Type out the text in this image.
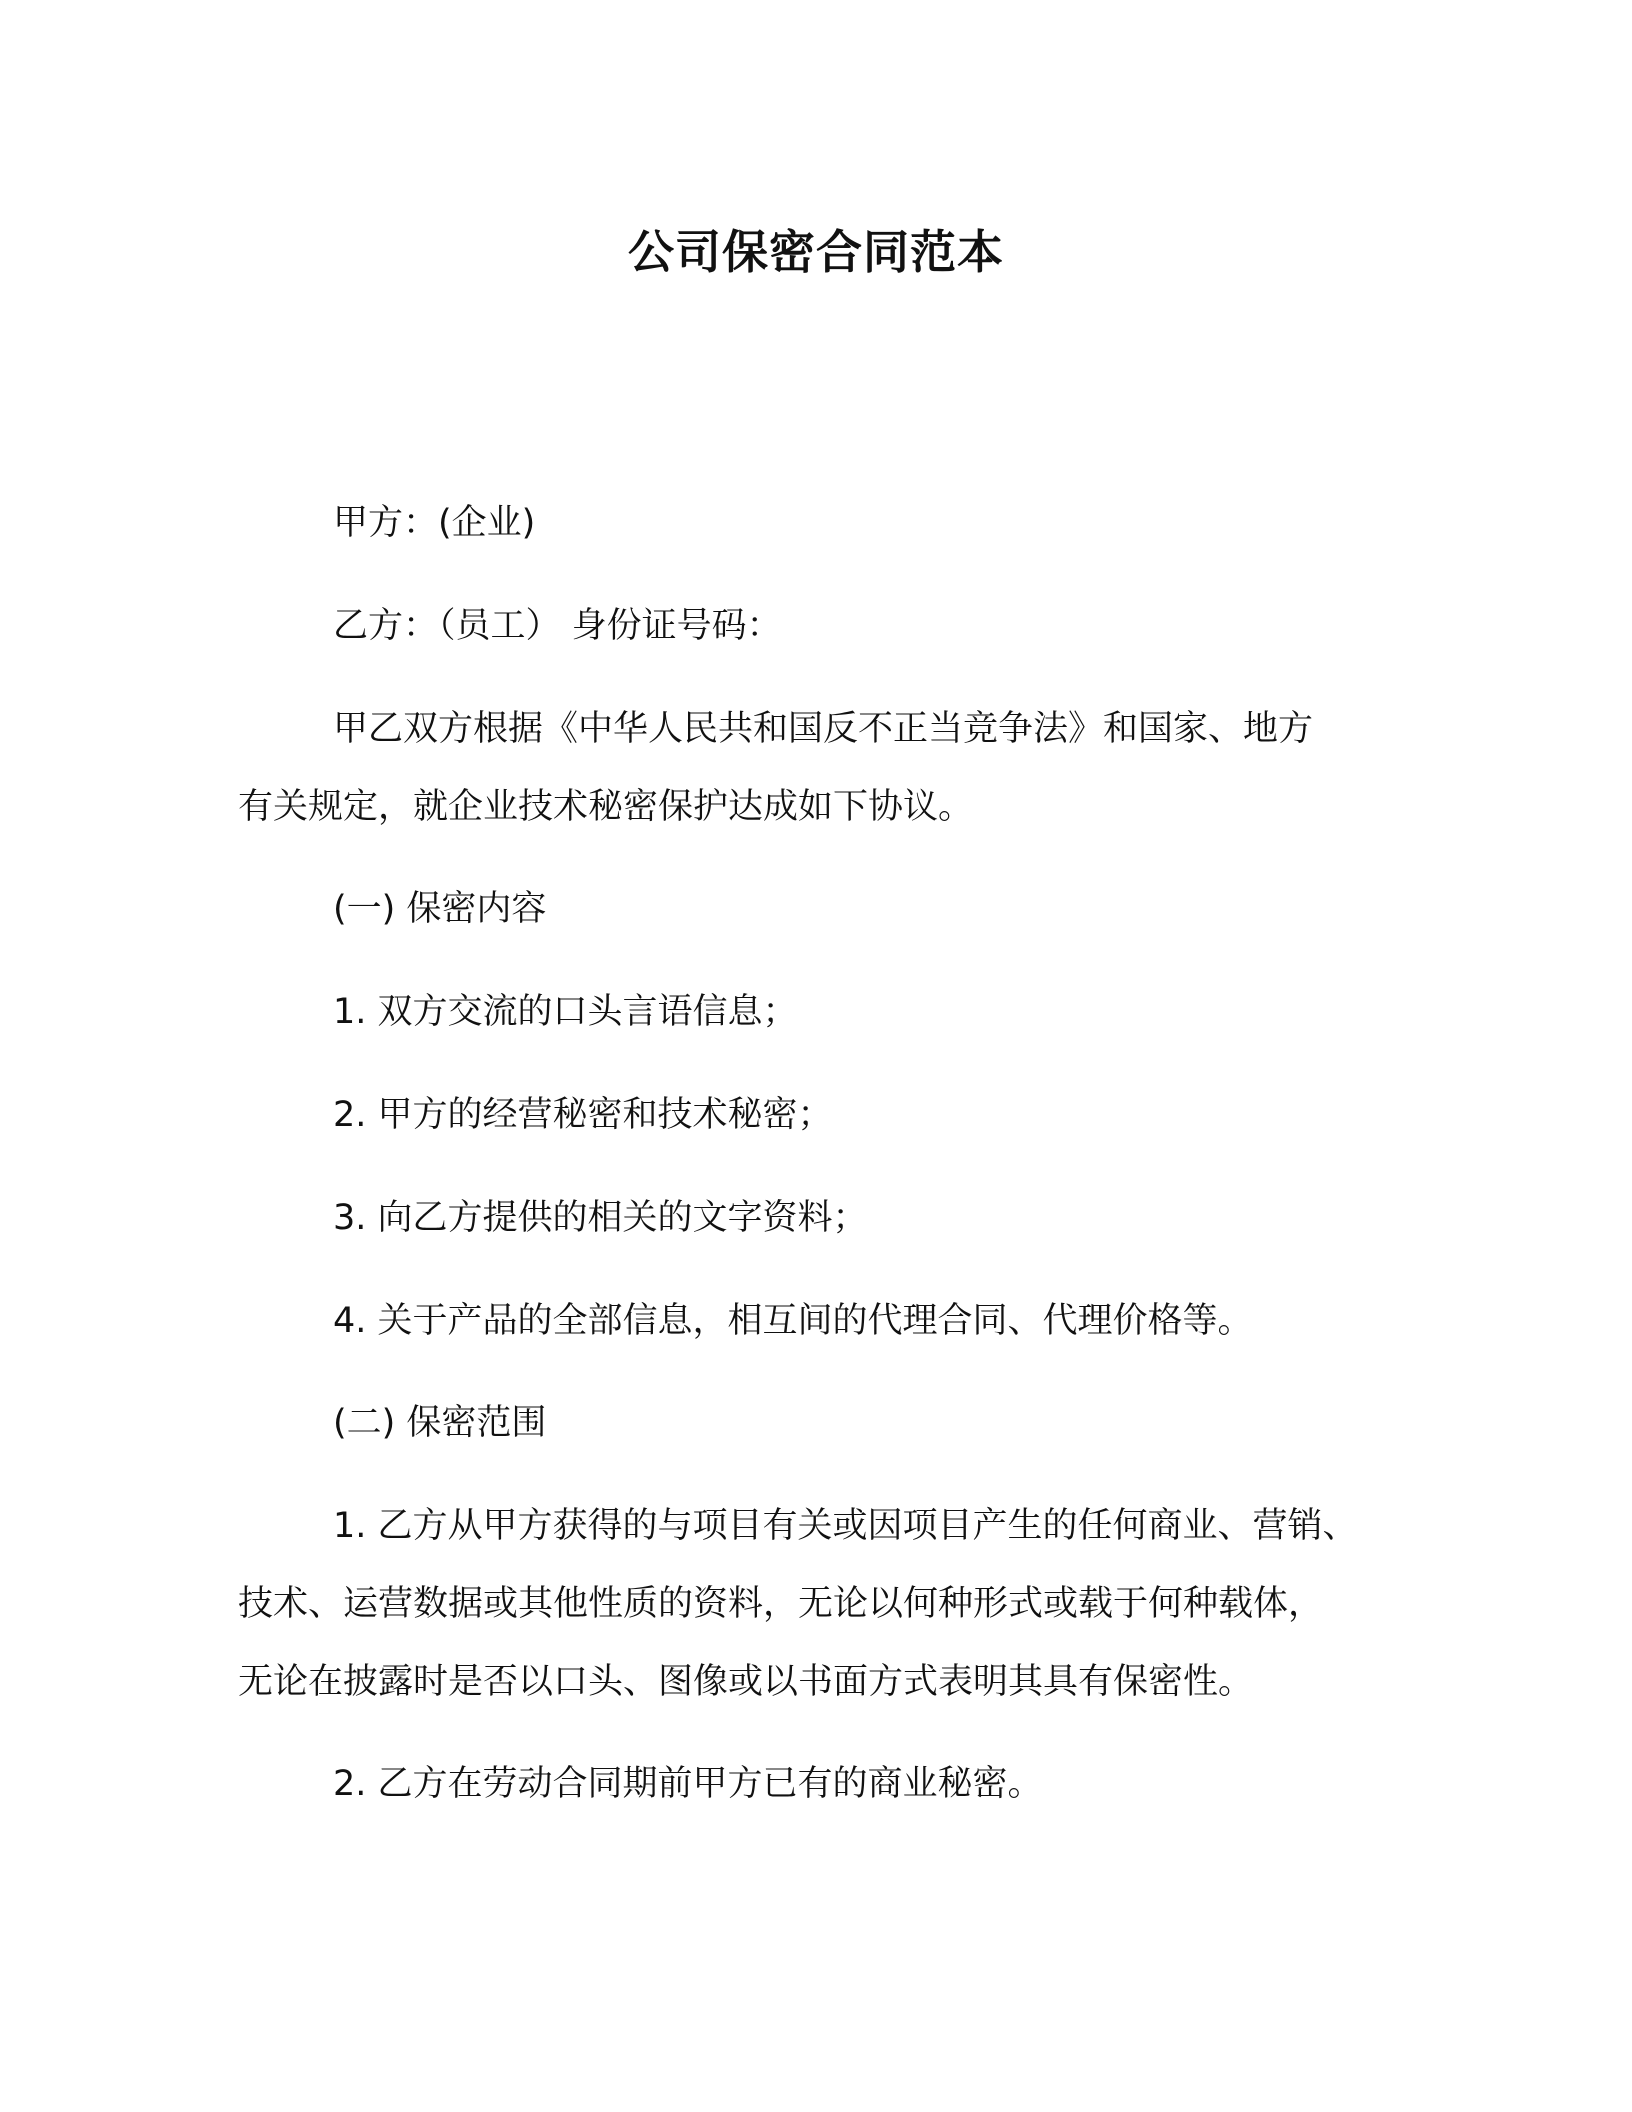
公司保密合同范本
甲方：(企业)
乙方：（员工） 身份证号码：
甲乙双方根据《中华人民共和国反不正当竞争法》和国家、地方
有关规定，就企业技术秘密保护达成如下协议。
(一) 保密内容
1. 双方交流的口头言语信息；
2. 甲方的经营秘密和技术秘密；
3. 向乙方提供的相关的文字资料；
4. 关于产品的全部信息，相互间的代理合同、代理价格等。
(二) 保密范围
1. 乙方从甲方获得的与项目有关或因项目产生的任何商业、营销、
技术、运营数据或其他性质的资料，无论以何种形式或载于何种载体，
无论在披露时是否以口头、图像或以书面方式表明其具有保密性。
2. 乙方在劳动合同期前甲方已有的商业秘密。
